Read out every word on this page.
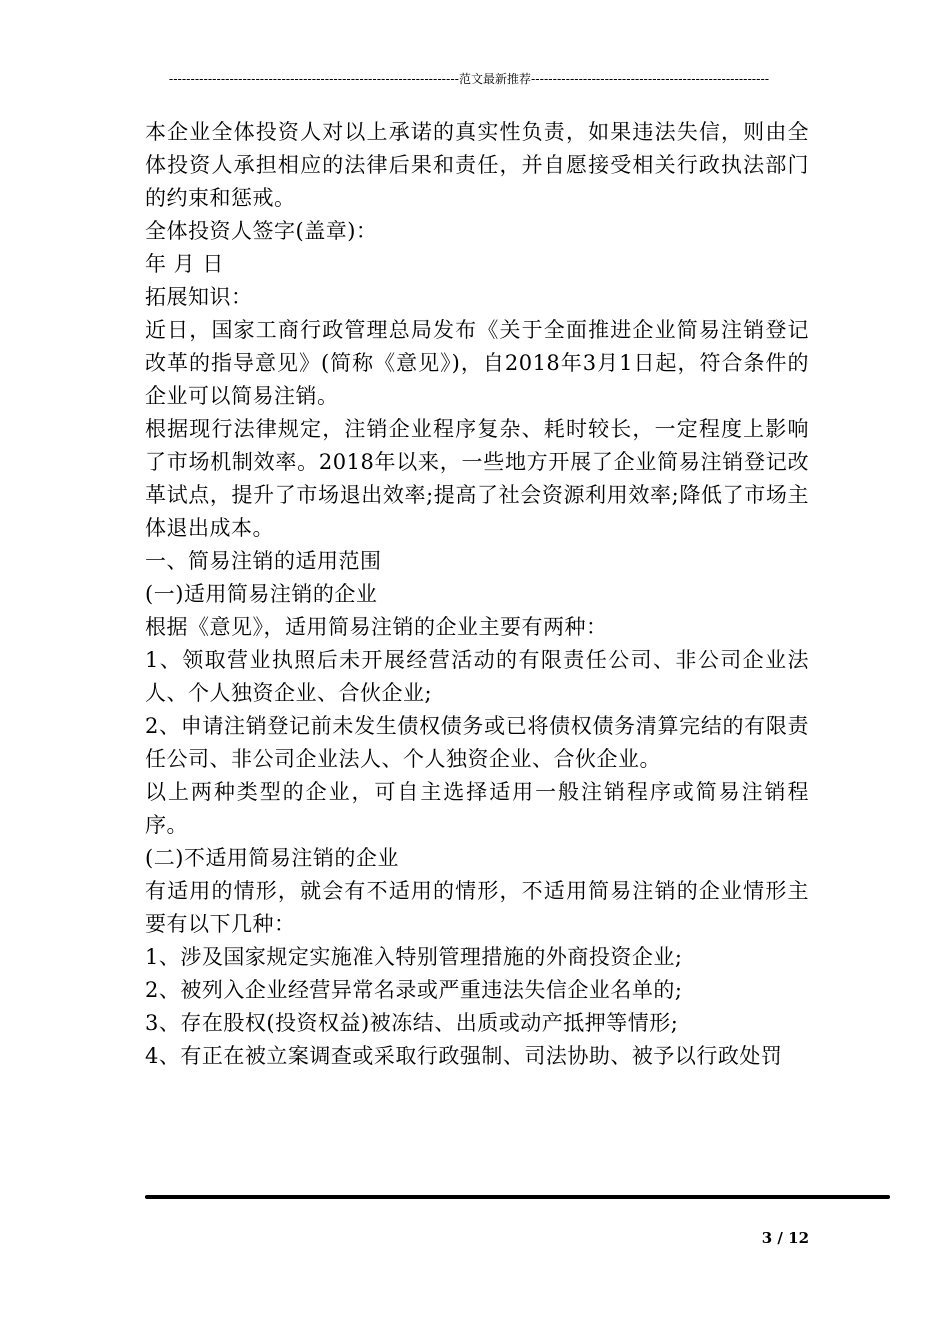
-------------------------------------------------------------------范文最新推荐-------------------------------------------------------

本企业全体投资人对以上承诺的真实性负责，如果违法失信，则由全体投资人承担相应的法律后果和责任，并自愿接受相关行政执法部门的约束和惩戒。

全体投资人签字(盖章)：

年 月 日

拓展知识：

近日，国家工商行政管理总局发布《关于全面推进企业简易注销登记改革的指导意见》(简称《意见》)，自2018年3月1日起，符合条件的企业可以简易注销。

根据现行法律规定，注销企业程序复杂、耗时较长，一定程度上影响了市场机制效率。2018年以来，一些地方开展了企业简易注销登记改革试点，提升了市场退出效率;提高了社会资源利用效率;降低了市场主体退出成本。

一、简易注销的适用范围

(一)适用简易注销的企业

根据《意见》，适用简易注销的企业主要有两种：

1、领取营业执照后未开展经营活动的有限责任公司、非公司企业法人、个人独资企业、合伙企业;

2、申请注销登记前未发生债权债务或已将债权债务清算完结的有限责任公司、非公司企业法人、个人独资企业、合伙企业。

以上两种类型的企业，可自主选择适用一般注销程序或简易注销程序。

(二)不适用简易注销的企业

有适用的情形，就会有不适用的情形，不适用简易注销的企业情形主要有以下几种：

1、涉及国家规定实施准入特别管理措施的外商投资企业;

2、被列入企业经营异常名录或严重违法失信企业名单的;

3、存在股权(投资权益)被冻结、出质或动产抵押等情形;

4、有正在被立案调查或采取行政强制、司法协助、被予以行政处罚

3 / 12
